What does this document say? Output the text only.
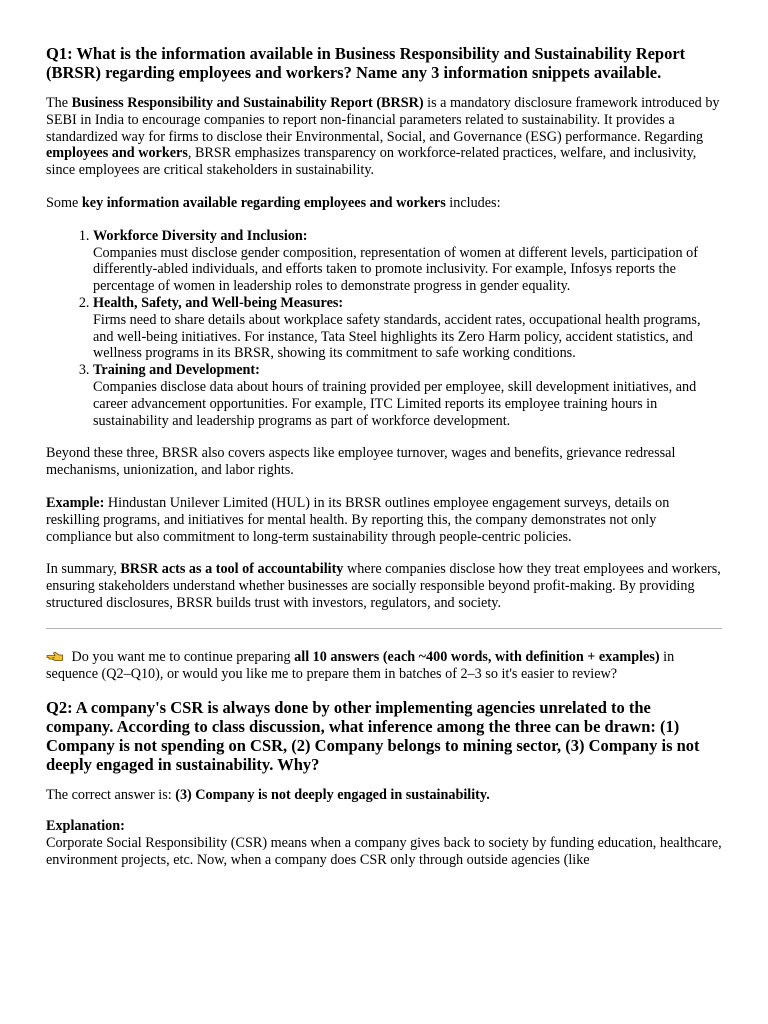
Q1: What is the information available in Business Responsibility and Sustainability Report (BRSR) regarding employees and workers? Name any 3 information snippets available.

The Business Responsibility and Sustainability Report (BRSR) is a mandatory disclosure framework introduced by SEBI in India to encourage companies to report non-financial parameters related to sustainability. It provides a standardized way for firms to disclose their Environmental, Social, and Governance (ESG) performance. Regarding employees and workers, BRSR emphasizes transparency on workforce-related practices, welfare, and inclusivity, since employees are critical stakeholders in sustainability.

Some key information available regarding employees and workers includes:

1. Workforce Diversity and Inclusion:
Companies must disclose gender composition, representation of women at different levels, participation of differently-abled individuals, and efforts taken to promote inclusivity. For example, Infosys reports the percentage of women in leadership roles to demonstrate progress in gender equality.
2. Health, Safety, and Well-being Measures:
Firms need to share details about workplace safety standards, accident rates, occupational health programs, and well-being initiatives. For instance, Tata Steel highlights its Zero Harm policy, accident statistics, and wellness programs in its BRSR, showing its commitment to safe working conditions.
3. Training and Development:
Companies disclose data about hours of training provided per employee, skill development initiatives, and career advancement opportunities. For example, ITC Limited reports its employee training hours in sustainability and leadership programs as part of workforce development.

Beyond these three, BRSR also covers aspects like employee turnover, wages and benefits, grievance redressal mechanisms, unionization, and labor rights.

Example: Hindustan Unilever Limited (HUL) in its BRSR outlines employee engagement surveys, details on reskilling programs, and initiatives for mental health. By reporting this, the company demonstrates not only compliance but also commitment to long-term sustainability through people-centric policies.

In summary, BRSR acts as a tool of accountability where companies disclose how they treat employees and workers, ensuring stakeholders understand whether businesses are socially responsible beyond profit-making. By providing structured disclosures, BRSR builds trust with investors, regulators, and society.

Do you want me to continue preparing all 10 answers (each ~400 words, with definition + examples) in sequence (Q2–Q10), or would you like me to prepare them in batches of 2–3 so it's easier to review?

Q2: A company's CSR is always done by other implementing agencies unrelated to the company. According to class discussion, what inference among the three can be drawn: (1) Company is not spending on CSR, (2) Company belongs to mining sector, (3) Company is not deeply engaged in sustainability. Why?

The correct answer is: (3) Company is not deeply engaged in sustainability.

Explanation:
Corporate Social Responsibility (CSR) means when a company gives back to society by funding education, healthcare, environment projects, etc. Now, when a company does CSR only through outside agencies (like
